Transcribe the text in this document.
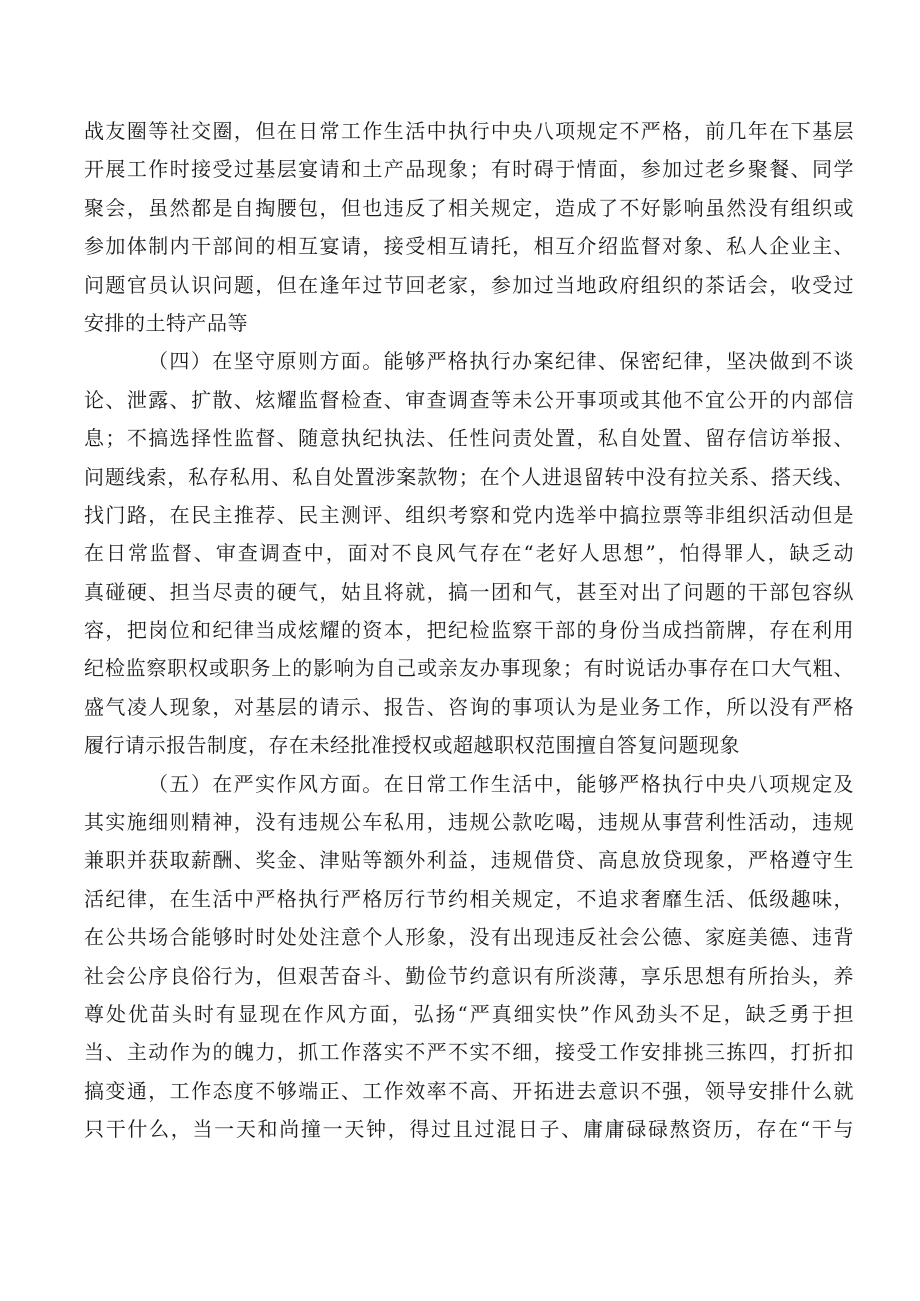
战友圈等社交圈，但在日常工作生活中执行中央八项规定不严格，前几年在下基层
开展工作时接受过基层宴请和土产品现象；有时碍于情面，参加过老乡聚餐、同学
聚会，虽然都是自掏腰包，但也违反了相关规定，造成了不好影响虽然没有组织或
参加体制内干部间的相互宴请，接受相互请托，相互介绍监督对象、私人企业主、
问题官员认识问题，但在逢年过节回老家，参加过当地政府组织的茶话会，收受过
安排的土特产品等
（四）在坚守原则方面。能够严格执行办案纪律、保密纪律，坚决做到不谈
论、泄露、扩散、炫耀监督检查、审查调查等未公开事项或其他不宜公开的内部信
息；不搞选择性监督、随意执纪执法、任性问责处置，私自处置、留存信访举报、
问题线索，私存私用、私自处置涉案款物；在个人进退留转中没有拉关系、搭天线、
找门路，在民主推荐、民主测评、组织考察和党内选举中搞拉票等非组织活动但是
在日常监督、审查调查中，面对不良风气存在“老好人思想”，怕得罪人，缺乏动
真碰硬、担当尽责的硬气，姑且将就，搞一团和气，甚至对出了问题的干部包容纵
容，把岗位和纪律当成炫耀的资本，把纪检监察干部的身份当成挡箭牌，存在利用
纪检监察职权或职务上的影响为自己或亲友办事现象；有时说话办事存在口大气粗、
盛气凌人现象，对基层的请示、报告、咨询的事项认为是业务工作，所以没有严格
履行请示报告制度，存在未经批准授权或超越职权范围擅自答复问题现象
（五）在严实作风方面。在日常工作生活中，能够严格执行中央八项规定及
其实施细则精神，没有违规公车私用，违规公款吃喝，违规从事营利性活动，违规
兼职并获取薪酬、奖金、津贴等额外利益，违规借贷、高息放贷现象，严格遵守生
活纪律，在生活中严格执行严格厉行节约相关规定，不追求奢靡生活、低级趣味，
在公共场合能够时时处处注意个人形象，没有出现违反社会公德、家庭美德、违背
社会公序良俗行为，但艰苦奋斗、勤俭节约意识有所淡薄，享乐思想有所抬头，养
尊处优苗头时有显现在作风方面，弘扬“严真细实快”作风劲头不足，缺乏勇于担
当、主动作为的魄力，抓工作落实不严不实不细，接受工作安排挑三拣四，打折扣
搞变通，工作态度不够端正、工作效率不高、开拓进去意识不强，领导安排什么就
只干什么，当一天和尚撞一天钟，得过且过混日子、庸庸碌碌熬资历，存在“干与
